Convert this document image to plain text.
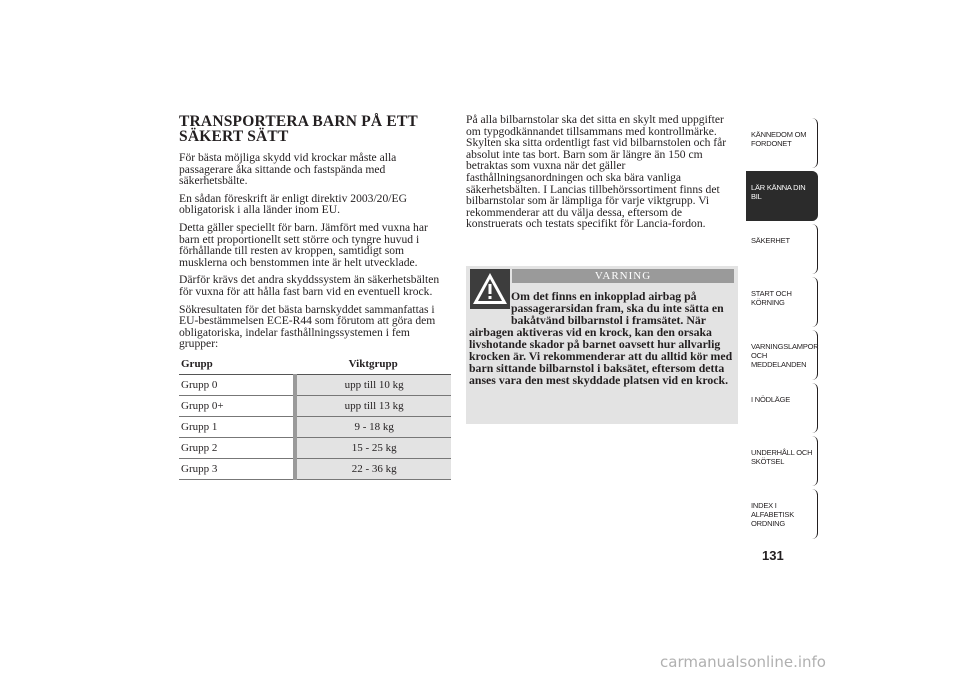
TRANSPORTERA BARN PÅ ETT SÄKERT SÄTT

För bästa möjliga skydd vid krockar måste alla passagerare åka sittande och fastspända med säkerhetsbälte.

En sådan föreskrift är enligt direktiv 2003/20/EG obligatorisk i alla länder inom EU.

Detta gäller speciellt för barn. Jämfört med vuxna har barn ett proportionellt sett större och tyngre huvud i förhållande till resten av kroppen, samtidigt som musklerna och benstommen inte är helt utvecklade.

Därför krävs det andra skyddssystem än säkerhetsbälten för vuxna för att hålla fast barn vid en eventuell krock.

Sökresultaten för det bästa barnskyddet sammanfattas i EU-bestämmelsen ECE-R44 som förutom att göra dem obligatoriska, indelar fasthållningssystemen i fem grupper:

Grupp	Viktgrupp
Grupp 0	upp till 10 kg
Grupp 0+	upp till 13 kg
Grupp 1	9 - 18 kg
Grupp 2	15 - 25 kg
Grupp 3	22 - 36 kg

På alla bilbarnstolar ska det sitta en skylt med uppgifter om typgodkännandet tillsammans med kontrollmärke. Skylten ska sitta ordentligt fast vid bilbarnstolen och får absolut inte tas bort. Barn som är längre än 150 cm betraktas som vuxna när det gäller fasthållningsanordningen och ska bära vanliga säkerhetsbälten. I Lancias tillbehörssortiment finns det bilbarnstolar som är lämpliga för varje viktgrupp. Vi rekommenderar att du välja dessa, eftersom de konstruerats och testats specifikt för Lancia-fordon.

VARNING
Om det finns en inkopplad airbag på passagerarsidan fram, ska du inte sätta en bakåtvänd bilbarnstol i framsätet. När airbagen aktiveras vid en krock, kan den orsaka livshotande skador på barnet oavsett hur allvarlig krocken är. Vi rekommenderar att du alltid kör med barn sittande bilbarnstol i baksätet, eftersom detta anses vara den mest skyddade platsen vid en krock.
KÄNNEDOM OM FORDONET
LÄR KÄNNA DIN BIL
SÄKERHET
START OCH KÖRNING
VARNINGSLAMPOR OCH MEDDELANDEN
I NÖDLÄGE
UNDERHÅLL OCH SKÖTSEL
INDEX I ALFABETISK ORDNING
131
carmanualsonline.info
